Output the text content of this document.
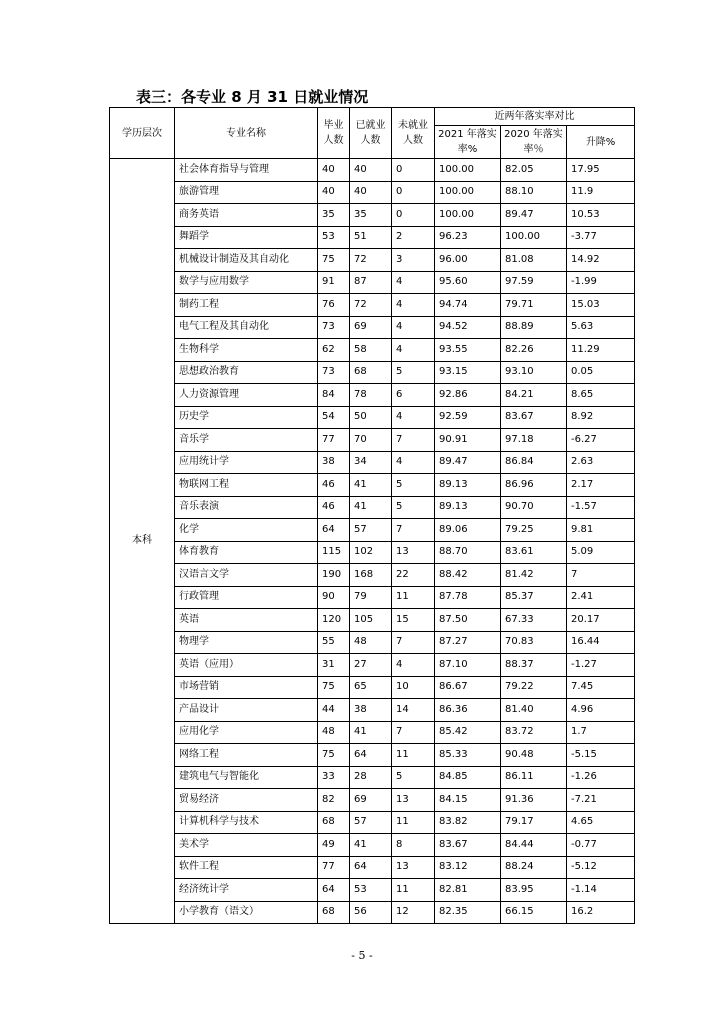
表三：各专业 8 月 31 日就业情况
学历层次	专业名称	毕业人数	已就业人数	未就业人数	近两年落实率对比		
					2021 年落实率%	2020 年落实率％	升降%
本科	社会体育指导与管理	40	40	0	100.00	82.05	17.95
	旅游管理	40	40	0	100.00	88.10	11.9
	商务英语	35	35	0	100.00	89.47	10.53
	舞蹈学	53	51	2	96.23	100.00	-3.77
	机械设计制造及其自动化	75	72	3	96.00	81.08	14.92
	数学与应用数学	91	87	4	95.60	97.59	-1.99
	制药工程	76	72	4	94.74	79.71	15.03
	电气工程及其自动化	73	69	4	94.52	88.89	5.63
	生物科学	62	58	4	93.55	82.26	11.29
	思想政治教育	73	68	5	93.15	93.10	0.05
	人力资源管理	84	78	6	92.86	84.21	8.65
	历史学	54	50	4	92.59	83.67	8.92
	音乐学	77	70	7	90.91	97.18	-6.27
	应用统计学	38	34	4	89.47	86.84	2.63
	物联网工程	46	41	5	89.13	86.96	2.17
	音乐表演	46	41	5	89.13	90.70	-1.57
	化学	64	57	7	89.06	79.25	9.81
	体育教育	115	102	13	88.70	83.61	5.09
	汉语言文学	190	168	22	88.42	81.42	7
	行政管理	90	79	11	87.78	85.37	2.41
	英语	120	105	15	87.50	67.33	20.17
	物理学	55	48	7	87.27	70.83	16.44
	英语（应用）	31	27	4	87.10	88.37	-1.27
	市场营销	75	65	10	86.67	79.22	7.45
	产品设计	44	38	14	86.36	81.40	4.96
	应用化学	48	41	7	85.42	83.72	1.7
	网络工程	75	64	11	85.33	90.48	-5.15
	建筑电气与智能化	33	28	5	84.85	86.11	-1.26
	贸易经济	82	69	13	84.15	91.36	-7.21
	计算机科学与技术	68	57	11	83.82	79.17	4.65
	美术学	49	41	8	83.67	84.44	-0.77
	软件工程	77	64	13	83.12	88.24	-5.12
	经济统计学	64	53	11	82.81	83.95	-1.14
	小学教育（语文）	68	56	12	82.35	66.15	16.2
- 5 -
